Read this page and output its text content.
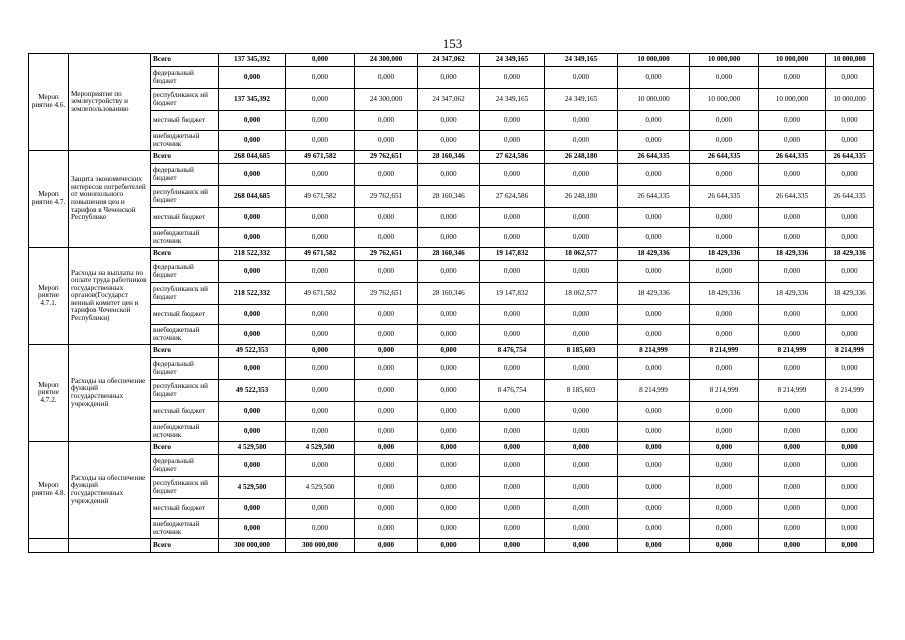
153
Мероп риятие 4.6.	Мероприятие по землеустройству и землепользованию	Всего	137 345,392	0,000	24 300,000	24 347,062	24 349,165	24 349,165	10 000,000	10 000,000	10 000,000	10 000,000
		федеральный бюджет	0,000	0,000	0,000	0,000	0,000	0,000	0,000	0,000	0,000	0,000
		республиканск ий бюджет	137 345,392	0,000	24 300,000	24 347,062	24 349,165	24 349,165	10 000,000	10 000,000	10 000,000	10 000,000
		местный бюджет	0,000	0,000	0,000	0,000	0,000	0,000	0,000	0,000	0,000	0,000
		внебюджетный источник	0,000	0,000	0,000	0,000	0,000	0,000	0,000	0,000	0,000	0,000
Мероп риятие 4.7.	Защита экономических интересов потребителей от монопольного повышения цен и тарифов в Чеченской Республике	Всего	268 044,685	49 671,582	29 762,651	28 160,346	27 624,586	26 248,180	26 644,335	26 644,335	26 644,335	26 644,335
		федеральный бюджет	0,000	0,000	0,000	0,000	0,000	0,000	0,000	0,000	0,000	0,000
		республиканск ий бюджет	268 044,685	49 671,582	29 762,651	28 160,346	27 624,586	26 248,180	26 644,335	26 644,335	26 644,335	26 644,335
		местный бюджет	0,000	0,000	0,000	0,000	0,000	0,000	0,000	0,000	0,000	0,000
		внебюджетный источник	0,000	0,000	0,000	0,000	0,000	0,000	0,000	0,000	0,000	0,000
Мероп риятие 4.7.1.	Расходы на выплаты по оплате труда работников государственных органов(Государст венный комитет цен и тарифов Чеченской Республики)	Всего	218 522,332	49 671,582	29 762,651	28 160,346	19 147,832	18 062,577	18 429,336	18 429,336	18 429,336	18 429,336
		федеральный бюджет	0,000	0,000	0,000	0,000	0,000	0,000	0,000	0,000	0,000	0,000
		республиканск ий бюджет	218 522,332	49 671,582	29 762,651	28 160,346	19 147,832	18 062,577	18 429,336	18 429,336	18 429,336	18 429,336
		местный бюджет	0,000	0,000	0,000	0,000	0,000	0,000	0,000	0,000	0,000	0,000
		внебюджетный источник	0,000	0,000	0,000	0,000	0,000	0,000	0,000	0,000	0,000	0,000
Мероп риятие 4.7.2.	Расходы на обеспечение функций государственных учреждений	Всего	49 522,353	0,000	0,000	0,000	8 476,754	8 185,603	8 214,999	8 214,999	8 214,999	8 214,999
		федеральный бюджет	0,000	0,000	0,000	0,000	0,000	0,000	0,000	0,000	0,000	0,000
		республиканск ий бюджет	49 522,353	0,000	0,000	0,000	8 476,754	8 185,603	8 214,999	8 214,999	8 214,999	8 214,999
		местный бюджет	0,000	0,000	0,000	0,000	0,000	0,000	0,000	0,000	0,000	0,000
		внебюджетный источник	0,000	0,000	0,000	0,000	0,000	0,000	0,000	0,000	0,000	0,000
Мероп риятие 4.8.	Расходы на обеспечение функций государственных учреждений	Всего	4 529,500	4 529,500	0,000	0,000	0,000	0,000	0,000	0,000	0,000	0,000
		федеральный бюджет	0,000	0,000	0,000	0,000	0,000	0,000	0,000	0,000	0,000	0,000
		республиканск ий бюджет	4 529,500	4 529,500	0,000	0,000	0,000	0,000	0,000	0,000	0,000	0,000
		местный бюджет	0,000	0,000	0,000	0,000	0,000	0,000	0,000	0,000	0,000	0,000
		внебюджетный источник	0,000	0,000	0,000	0,000	0,000	0,000	0,000	0,000	0,000	0,000
		Всего	300 000,000	300 000,000	0,000	0,000	0,000	0,000	0,000	0,000	0,000	0,000
